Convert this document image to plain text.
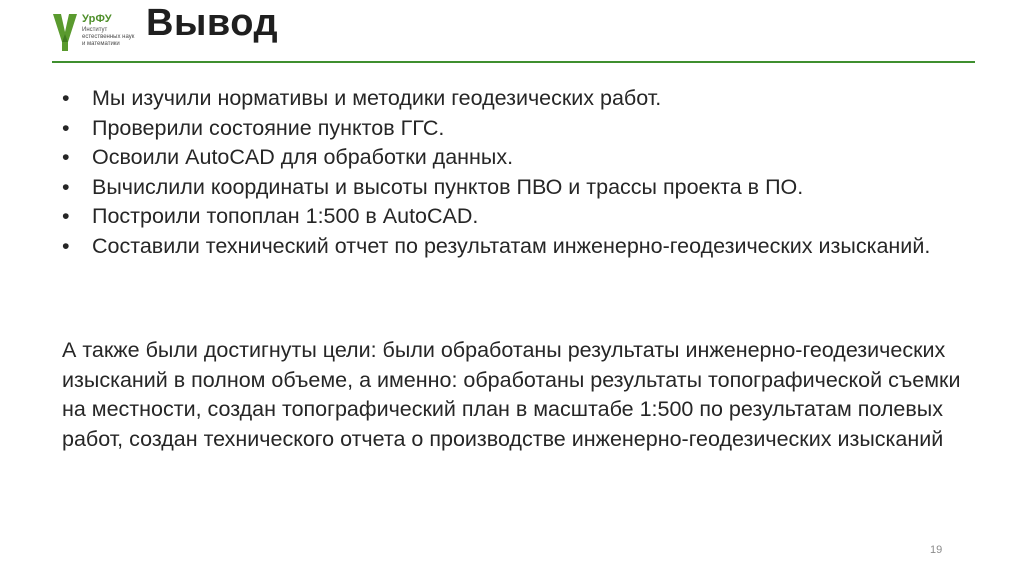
УрФУ
Институт
естественных наук
и математики Вывод
• Мы изучили нормативы и методики геодезических работ.
• Проверили состояние пунктов ГГС.
• Освоили AutoCAD для обработки данных.
• Вычислили координаты и высоты пунктов ПВО и трассы проекта в ПО.
• Построили топоплан 1:500 в AutoCAD.
• Составили технический отчет по результатам инженерно-геодезических изысканий.

А также были достигнуты цели: были обработаны результаты инженерно-геодезических изысканий в полном объеме, а именно: обработаны результаты топографической съемки на местности, создан топографический план в масштабе 1:500 по результатам полевых работ, создан технического отчета о производстве инженерно-геодезических изысканий

19
